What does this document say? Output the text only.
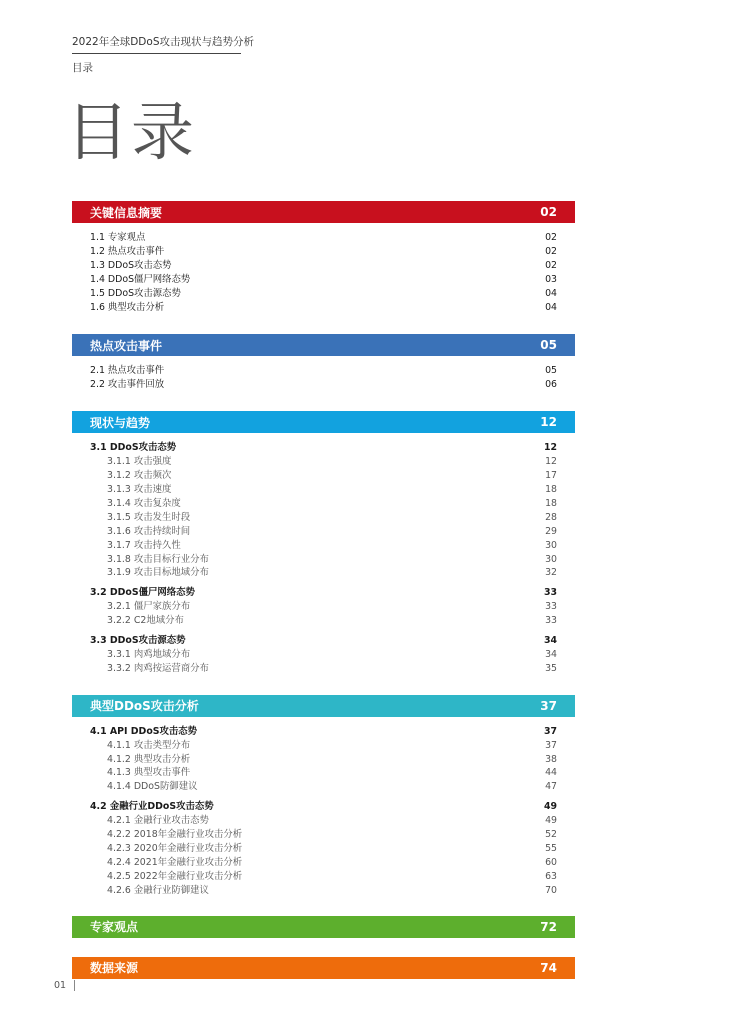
2022年全球DDoS攻击现状与趋势分析
目录
目录
关键信息摘要	02
1.1 专家观点	02
1.2 热点攻击事件	02
1.3 DDoS攻击态势	02
1.4 DDoS僵尸网络态势	03
1.5 DDoS攻击源态势	04
1.6 典型攻击分析	04
热点攻击事件	05
2.1 热点攻击事件	05
2.2 攻击事件回放	06
现状与趋势	12
3.1 DDoS攻击态势	12
3.1.1 攻击强度	12
3.1.2 攻击频次	17
3.1.3 攻击速度	18
3.1.4 攻击复杂度	18
3.1.5 攻击发生时段	28
3.1.6 攻击持续时间	29
3.1.7 攻击持久性	30
3.1.8 攻击目标行业分布	30
3.1.9 攻击目标地域分布	32
3.2 DDoS僵尸网络态势	33
3.2.1 僵尸家族分布	33
3.2.2 C2地域分布	33
3.3 DDoS攻击源态势	34
3.3.1 肉鸡地域分布	34
3.3.2 肉鸡按运营商分布	35
典型DDoS攻击分析	37
4.1 API DDoS攻击态势	37
4.1.1 攻击类型分布	37
4.1.2 典型攻击分析	38
4.1.3 典型攻击事件	44
4.1.4 DDoS防御建议	47
4.2 金融行业DDoS攻击态势	49
4.2.1 金融行业攻击态势	49
4.2.2 2018年金融行业攻击分析	52
4.2.3 2020年金融行业攻击分析	55
4.2.4 2021年金融行业攻击分析	60
4.2.5 2022年金融行业攻击分析	63
4.2.6 金融行业防御建议	70
专家观点	72
数据来源	74
01
